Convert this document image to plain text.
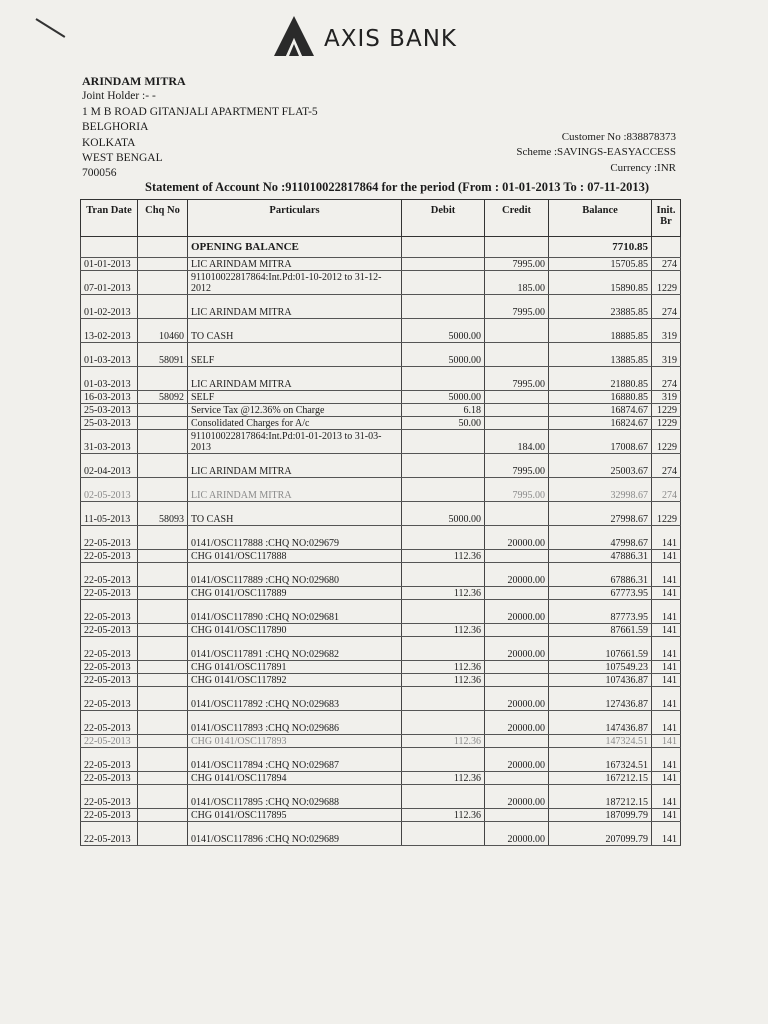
AXIS BANK
ARINDAM MITRA
Joint Holder :- -
1 M B ROAD GITANJALI APARTMENT FLAT-5
BELGHORIA
KOLKATA
WEST BENGAL
700056
Customer No :838878373
Scheme :SAVINGS-EASYACCESS
Currency :INR
Statement of Account No :911010022817864 for the period (From : 01-01-2013 To : 07-11-2013)
Tran Date	Chq No	Particulars	Debit	Credit	Balance	Init. Br
		OPENING BALANCE			7710.85	
01-01-2013		LIC ARINDAM MITRA		7995.00	15705.85	274
07-01-2013		911010022817864:Int.Pd:01-10-2012 to 31-12-2012		185.00	15890.85	1229
01-02-2013		LIC ARINDAM MITRA		7995.00	23885.85	274
13-02-2013	10460	TO CASH	5000.00		18885.85	319
01-03-2013	58091	SELF	5000.00		13885.85	319
01-03-2013		LIC ARINDAM MITRA		7995.00	21880.85	274
16-03-2013	58092	SELF	5000.00		16880.85	319
25-03-2013		Service Tax @12.36% on Charge	6.18		16874.67	1229
25-03-2013		Consolidated Charges for A/c	50.00		16824.67	1229
31-03-2013		911010022817864:Int.Pd:01-01-2013 to 31-03-2013		184.00	17008.67	1229
02-04-2013		LIC ARINDAM MITRA		7995.00	25003.67	274
02-05-2013		LIC ARINDAM MITRA		7995.00	32998.67	274
11-05-2013	58093	TO CASH	5000.00		27998.67	1229
22-05-2013		0141/OSC117888 :CHQ NO:029679		20000.00	47998.67	141
22-05-2013		CHG 0141/OSC117888	112.36		47886.31	141
22-05-2013		0141/OSC117889 :CHQ NO:029680		20000.00	67886.31	141
22-05-2013		CHG 0141/OSC117889	112.36		67773.95	141
22-05-2013		0141/OSC117890 :CHQ NO:029681		20000.00	87773.95	141
22-05-2013		CHG 0141/OSC117890	112.36		87661.59	141
22-05-2013		0141/OSC117891 :CHQ NO:029682		20000.00	107661.59	141
22-05-2013		CHG 0141/OSC117891	112.36		107549.23	141
22-05-2013		CHG 0141/OSC117892	112.36		107436.87	141
22-05-2013		0141/OSC117892 :CHQ NO:029683		20000.00	127436.87	141
22-05-2013		0141/OSC117893 :CHQ NO:029686		20000.00	147436.87	141
22-05-2013		CHG 0141/OSC117893	112.36		147324.51	141
22-05-2013		0141/OSC117894 :CHQ NO:029687		20000.00	167324.51	141
22-05-2013		CHG 0141/OSC117894	112.36		167212.15	141
22-05-2013		0141/OSC117895 :CHQ NO:029688		20000.00	187212.15	141
22-05-2013		CHG 0141/OSC117895	112.36		187099.79	141
22-05-2013		0141/OSC117896 :CHQ NO:029689		20000.00	207099.79	141
